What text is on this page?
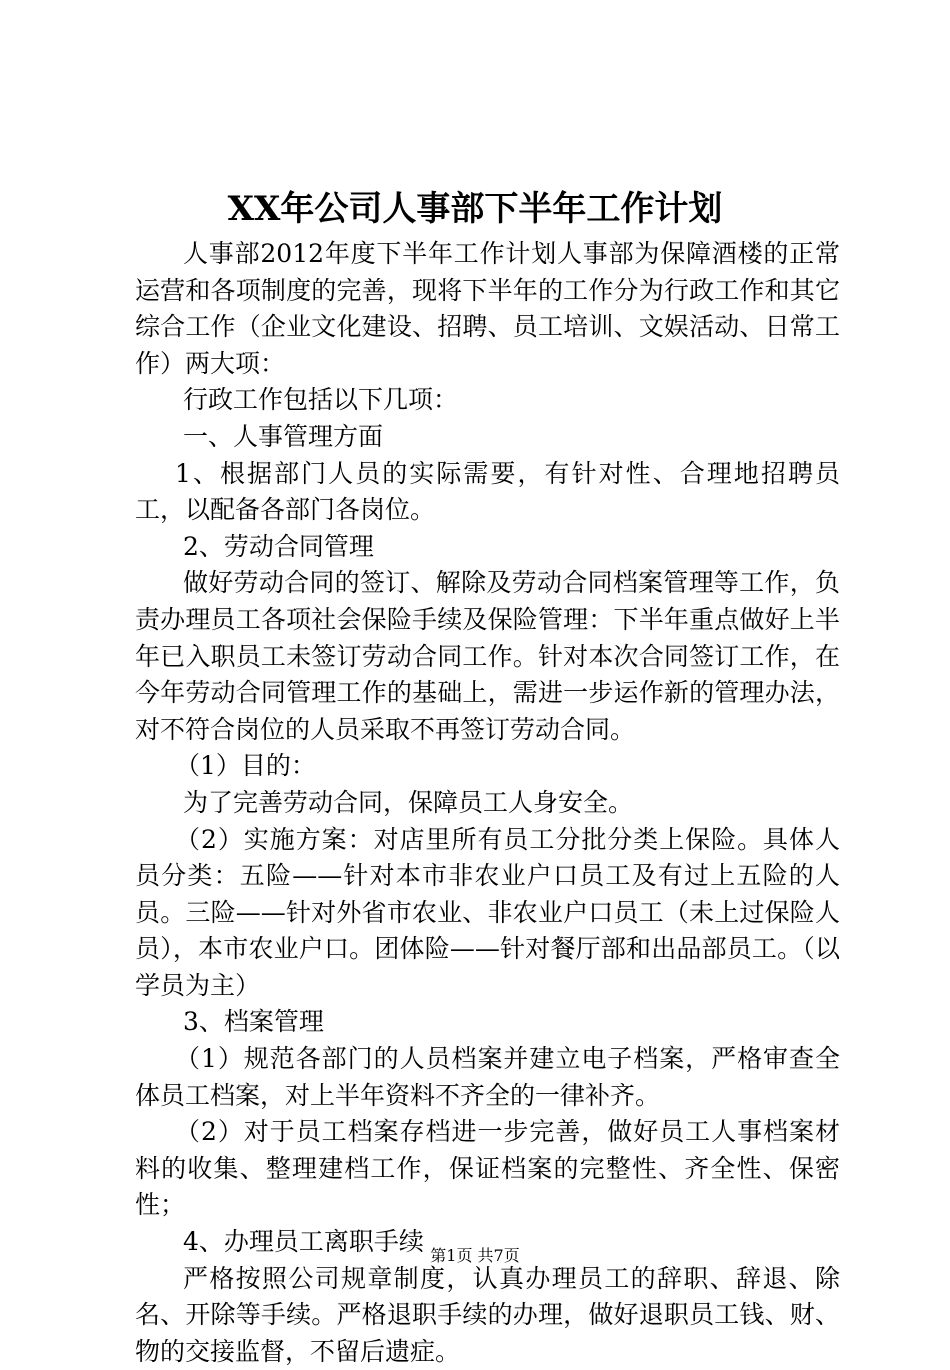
XX年公司人事部下半年工作计划

人事部2012年度下半年工作计划人事部为保障酒楼的正常运营和各项制度的完善，现将下半年的工作分为行政工作和其它综合工作（企业文化建设、招聘、员工培训、文娱活动、日常工作）两大项：

行政工作包括以下几项：

一、人事管理方面

1、根据部门人员的实际需要，有针对性、合理地招聘员工，以配备各部门各岗位。

2、劳动合同管理

做好劳动合同的签订、解除及劳动合同档案管理等工作，负责办理员工各项社会保险手续及保险管理：下半年重点做好上半年已入职员工未签订劳动合同工作。针对本次合同签订工作，在今年劳动合同管理工作的基础上，需进一步运作新的管理办法，对不符合岗位的人员采取不再签订劳动合同。

（1）目的：

为了完善劳动合同，保障员工人身安全。

（2）实施方案：对店里所有员工分批分类上保险。具体人员分类：五险——针对本市非农业户口员工及有过上五险的人员。三险——针对外省市农业、非农业户口员工（未上过保险人员），本市农业户口。团体险——针对餐厅部和出品部员工。（以学员为主）

3、档案管理

（1）规范各部门的人员档案并建立电子档案，严格审查全体员工档案，对上半年资料不齐全的一律补齐。

（2）对于员工档案存档进一步完善，做好员工人事档案材料的收集、整理建档工作，保证档案的完整性、齐全性、保密性；

4、办理员工离职手续

严格按照公司规章制度，认真办理员工的辞职、辞退、除名、开除等手续。严格退职手续的办理，做好退职员工钱、财、物的交接监督，不留后遗症。

第1页 共7页
